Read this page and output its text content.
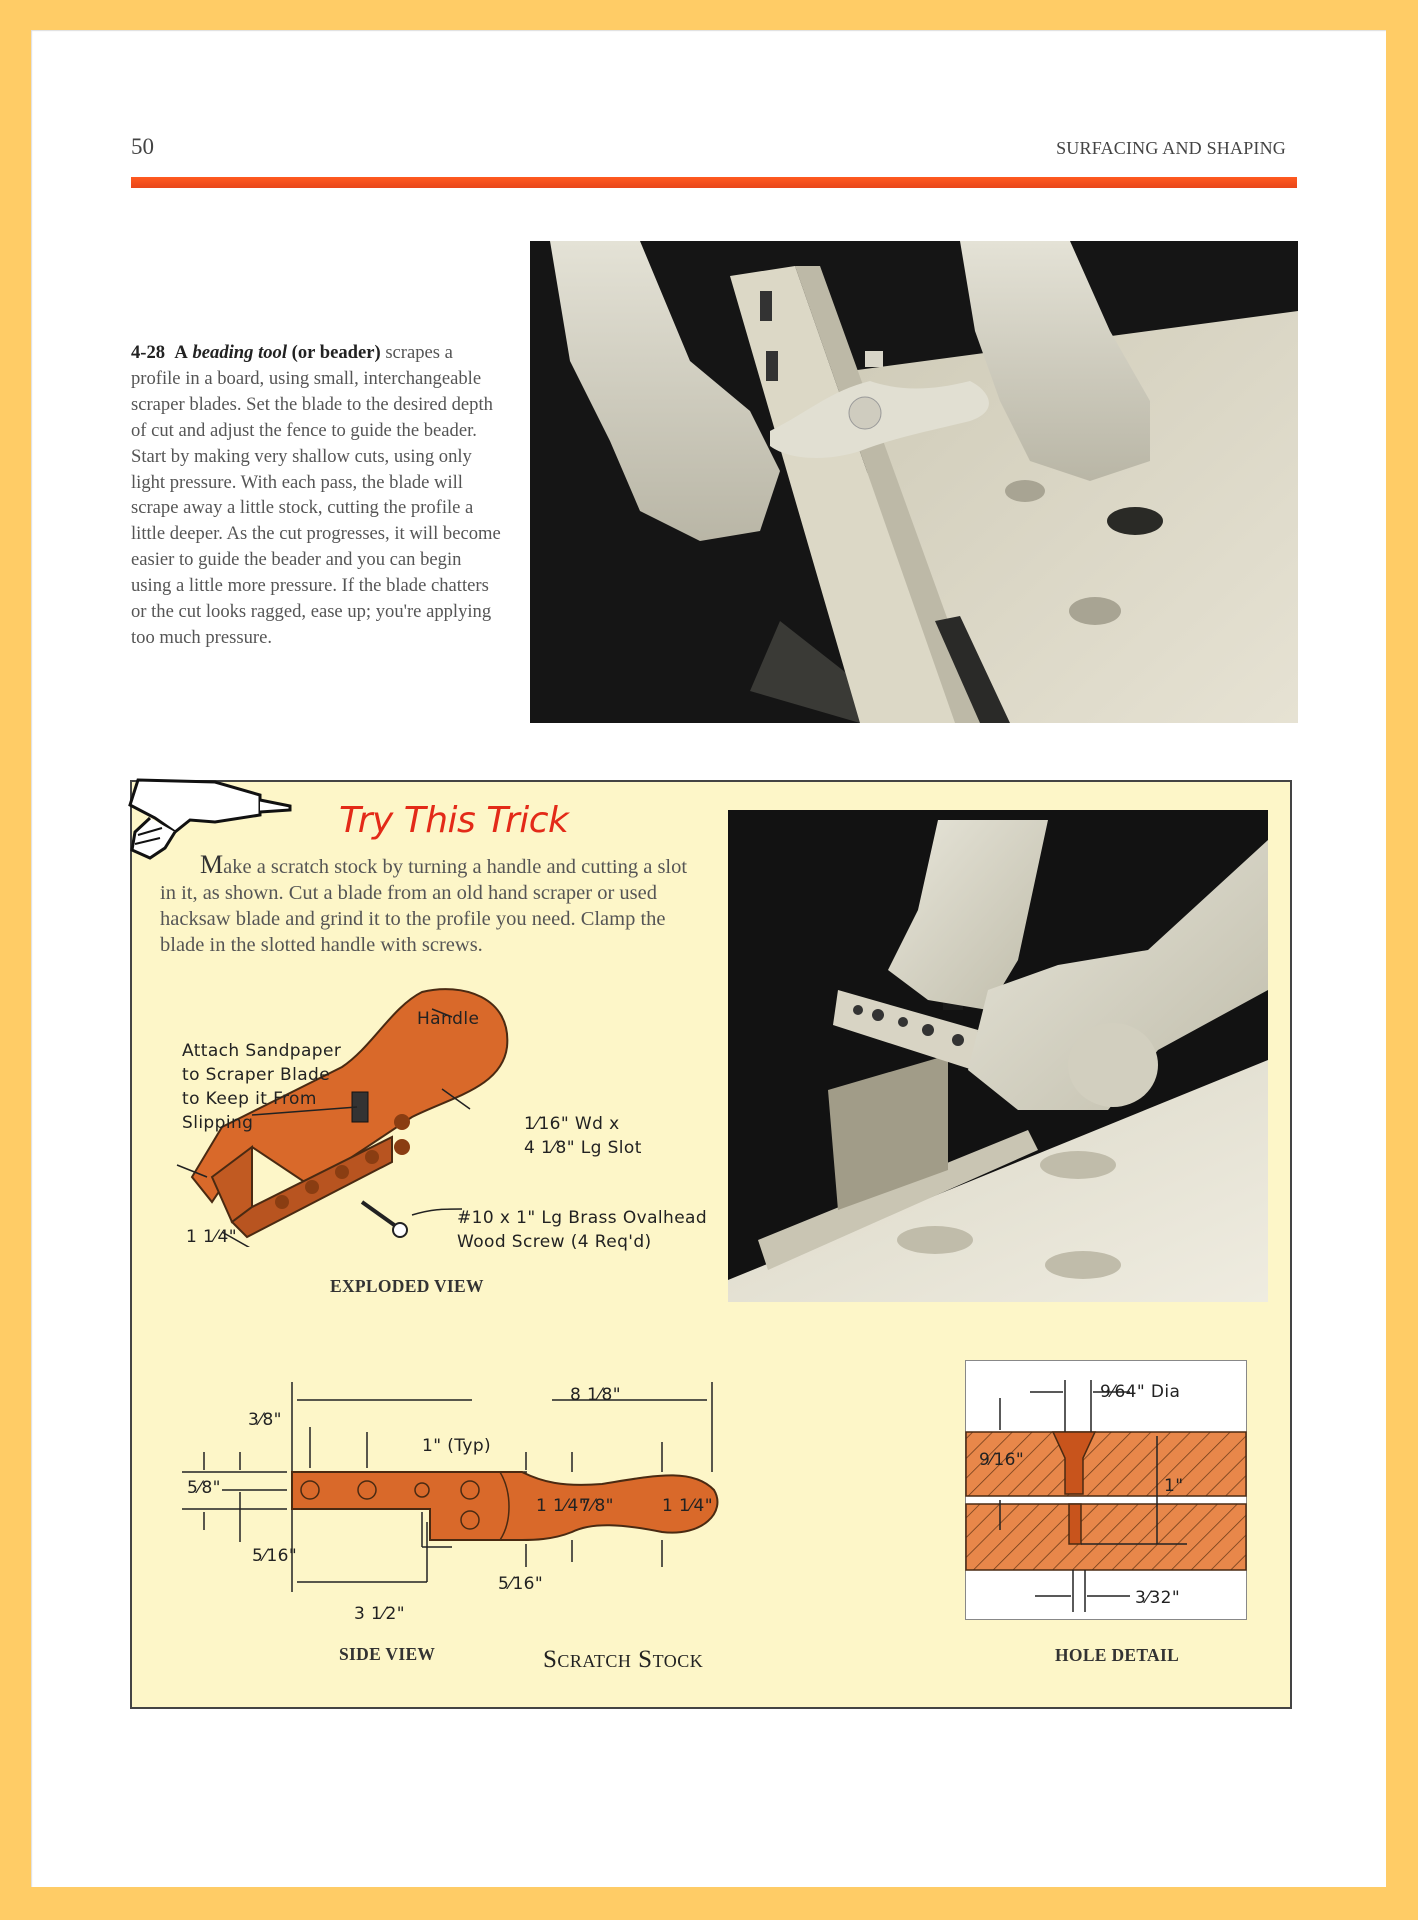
50	SURFACING AND SHAPING
4-28 A beading tool (or beader) scrapes a profile in a board, using small, interchangeable scraper blades. Set the blade to the desired depth of cut and adjust the fence to guide the beader. Start by making very shallow cuts, using only light pressure. With each pass, the blade will scrape away a little stock, cutting the profile a little deeper. As the cut progresses, it will become easier to guide the beader and you can begin using a little more pressure. If the blade chatters or the cut looks ragged, ease up; you're applying too much pressure.
Try This Trick
Make a scratch stock by turning a handle and cutting a slot in it, as shown. Cut a blade from an old hand scraper or used hacksaw blade and grind it to the profile you need. Clamp the blade in the slotted handle with screws.
Handle
Attach Sandpaper
to Scraper Blade
to Keep it From
Slipping	1⁄16" Wd x
4 1⁄8" Lg Slot
#10 x 1" Lg Brass Ovalhead
Wood Screw (4 Req'd)
1 1⁄4"
EXPLODED VIEW
8 1⁄8"
3⁄8"
1" (Typ)
5⁄8"
5⁄16"
5⁄16"
3 1⁄2"
1 1⁄4"
7⁄8"	1 1⁄4"
SIDE VIEW	Scratch Stock
9⁄64" Dia
9⁄16"
1"
3⁄32"
HOLE DETAIL
